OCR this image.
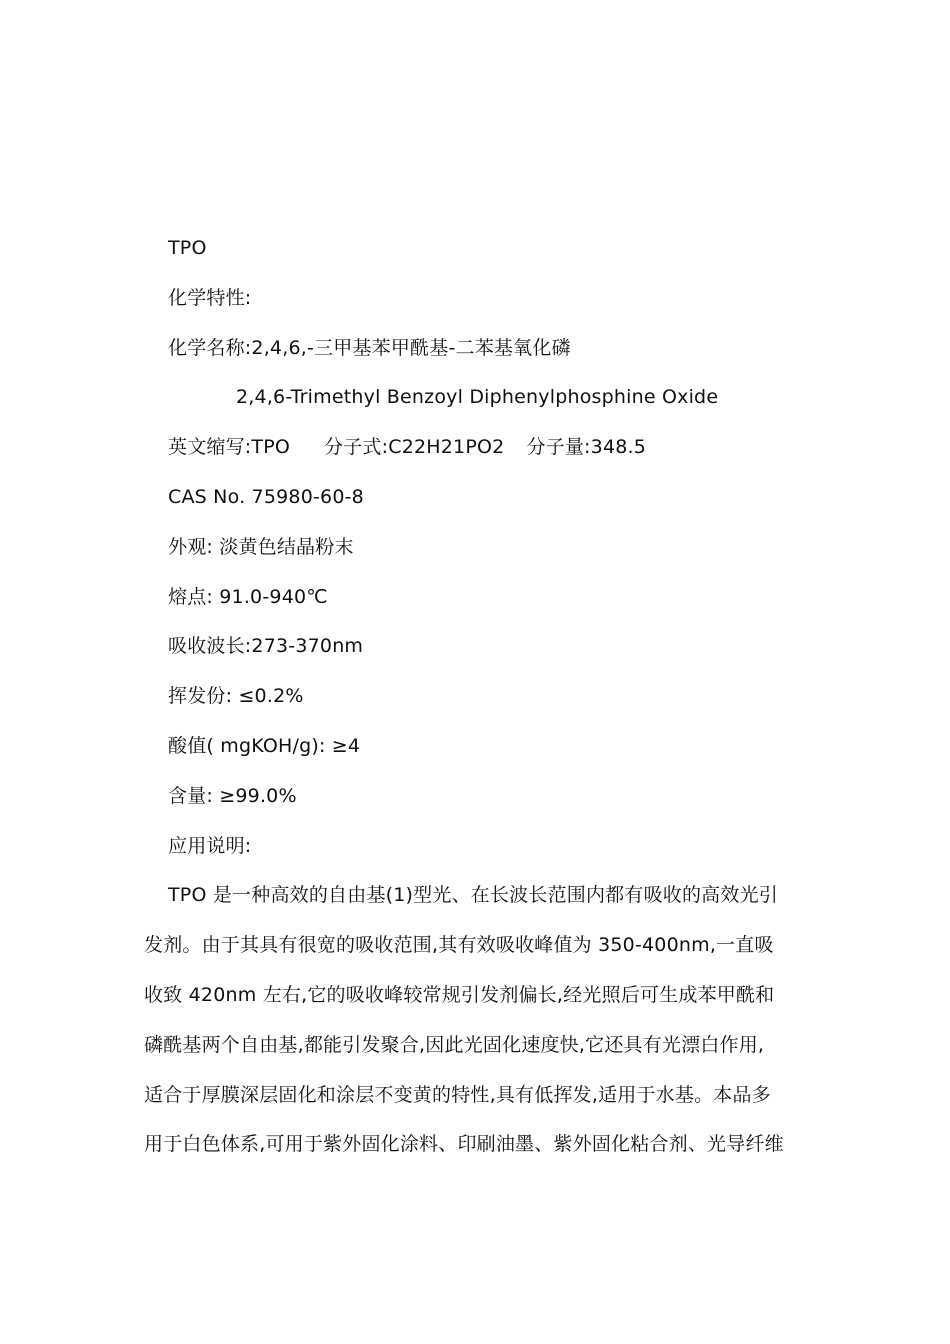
TPO
化学特性:
化学名称:2,4,6,-三甲基苯甲酰基-二苯基氧化磷
2,4,6-Trimethyl Benzoyl Diphenylphosphine Oxide
英文缩写:TPO 分子式:C22H21PO2 分子量:348.5
CAS No. 75980-60-8
外观: 淡黄色结晶粉末
熔点: 91.0-940℃
吸收波长:273-370nm
挥发份: ≤0.2%
酸值( mgKOH/g): ≥4
含量: ≥99.0%
应用说明:
TPO 是一种高效的自由基(1)型光、在长波长范围内都有吸收的高效光引
发剂。由于其具有很宽的吸收范围,其有效吸收峰值为 350-400nm,一直吸
收致 420nm 左右,它的吸收峰较常规引发剂偏长,经光照后可生成苯甲酰和
磷酰基两个自由基,都能引发聚合,因此光固化速度快,它还具有光漂白作用,
适合于厚膜深层固化和涂层不变黄的特性,具有低挥发,适用于水基。本品多
用于白色体系,可用于紫外固化涂料、印刷油墨、紫外固化粘合剂、光导纤维
